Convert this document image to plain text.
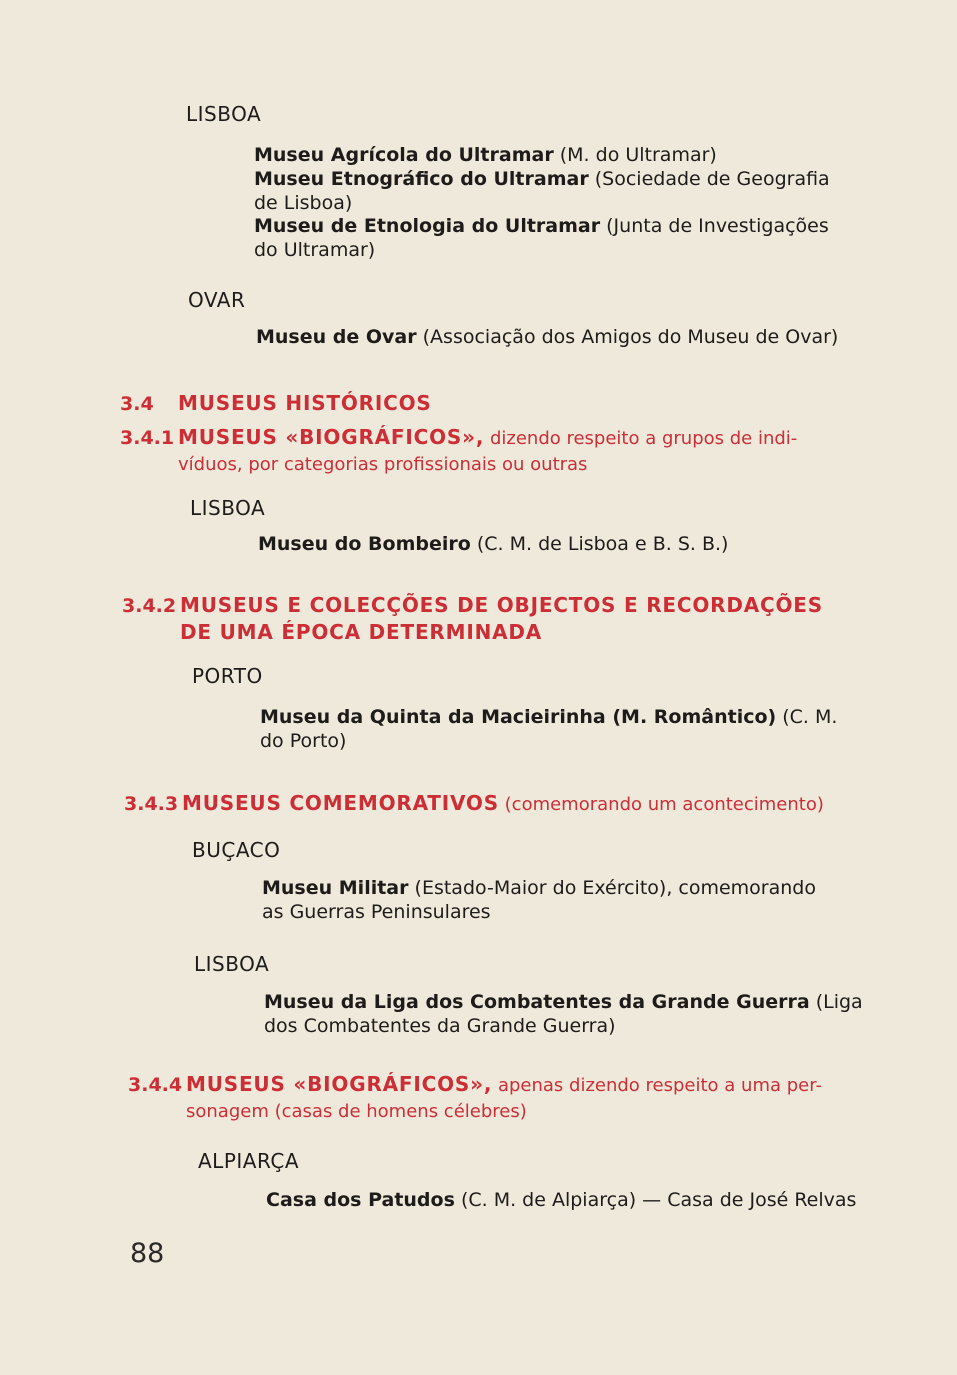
LISBOA
Museu Agrícola do Ultramar (M. do Ultramar)
Museu Etnográfico do Ultramar (Sociedade de Geografia
de Lisboa)
Museu de Etnologia do Ultramar (Junta de Investigações
do Ultramar)
OVAR
Museu de Ovar (Associação dos Amigos do Museu de Ovar)
3.4 MUSEUS HISTÓRICOS
3.4.1 MUSEUS «BIOGRÁFICOS», dizendo respeito a grupos de indi-
víduos, por categorias profissionais ou outras
LISBOA
Museu do Bombeiro (C. M. de Lisboa e B. S. B.)
3.4.2 MUSEUS E COLECÇÕES DE OBJECTOS E RECORDAÇÕES
DE UMA ÉPOCA DETERMINADA
PORTO
Museu da Quinta da Macieirinha (M. Romântico) (C. M.
do Porto)
3.4.3 MUSEUS COMEMORATIVOS (comemorando um acontecimento)
BUÇACO
Museu Militar (Estado-Maior do Exército), comemorando
as Guerras Peninsulares
LISBOA
Museu da Liga dos Combatentes da Grande Guerra (Liga
dos Combatentes da Grande Guerra)
3.4.4 MUSEUS «BIOGRÁFICOS», apenas dizendo respeito a uma per-
sonagem (casas de homens célebres)
ALPIARÇA
Casa dos Patudos (C. M. de Alpiarça) — Casa de José Relvas
88
